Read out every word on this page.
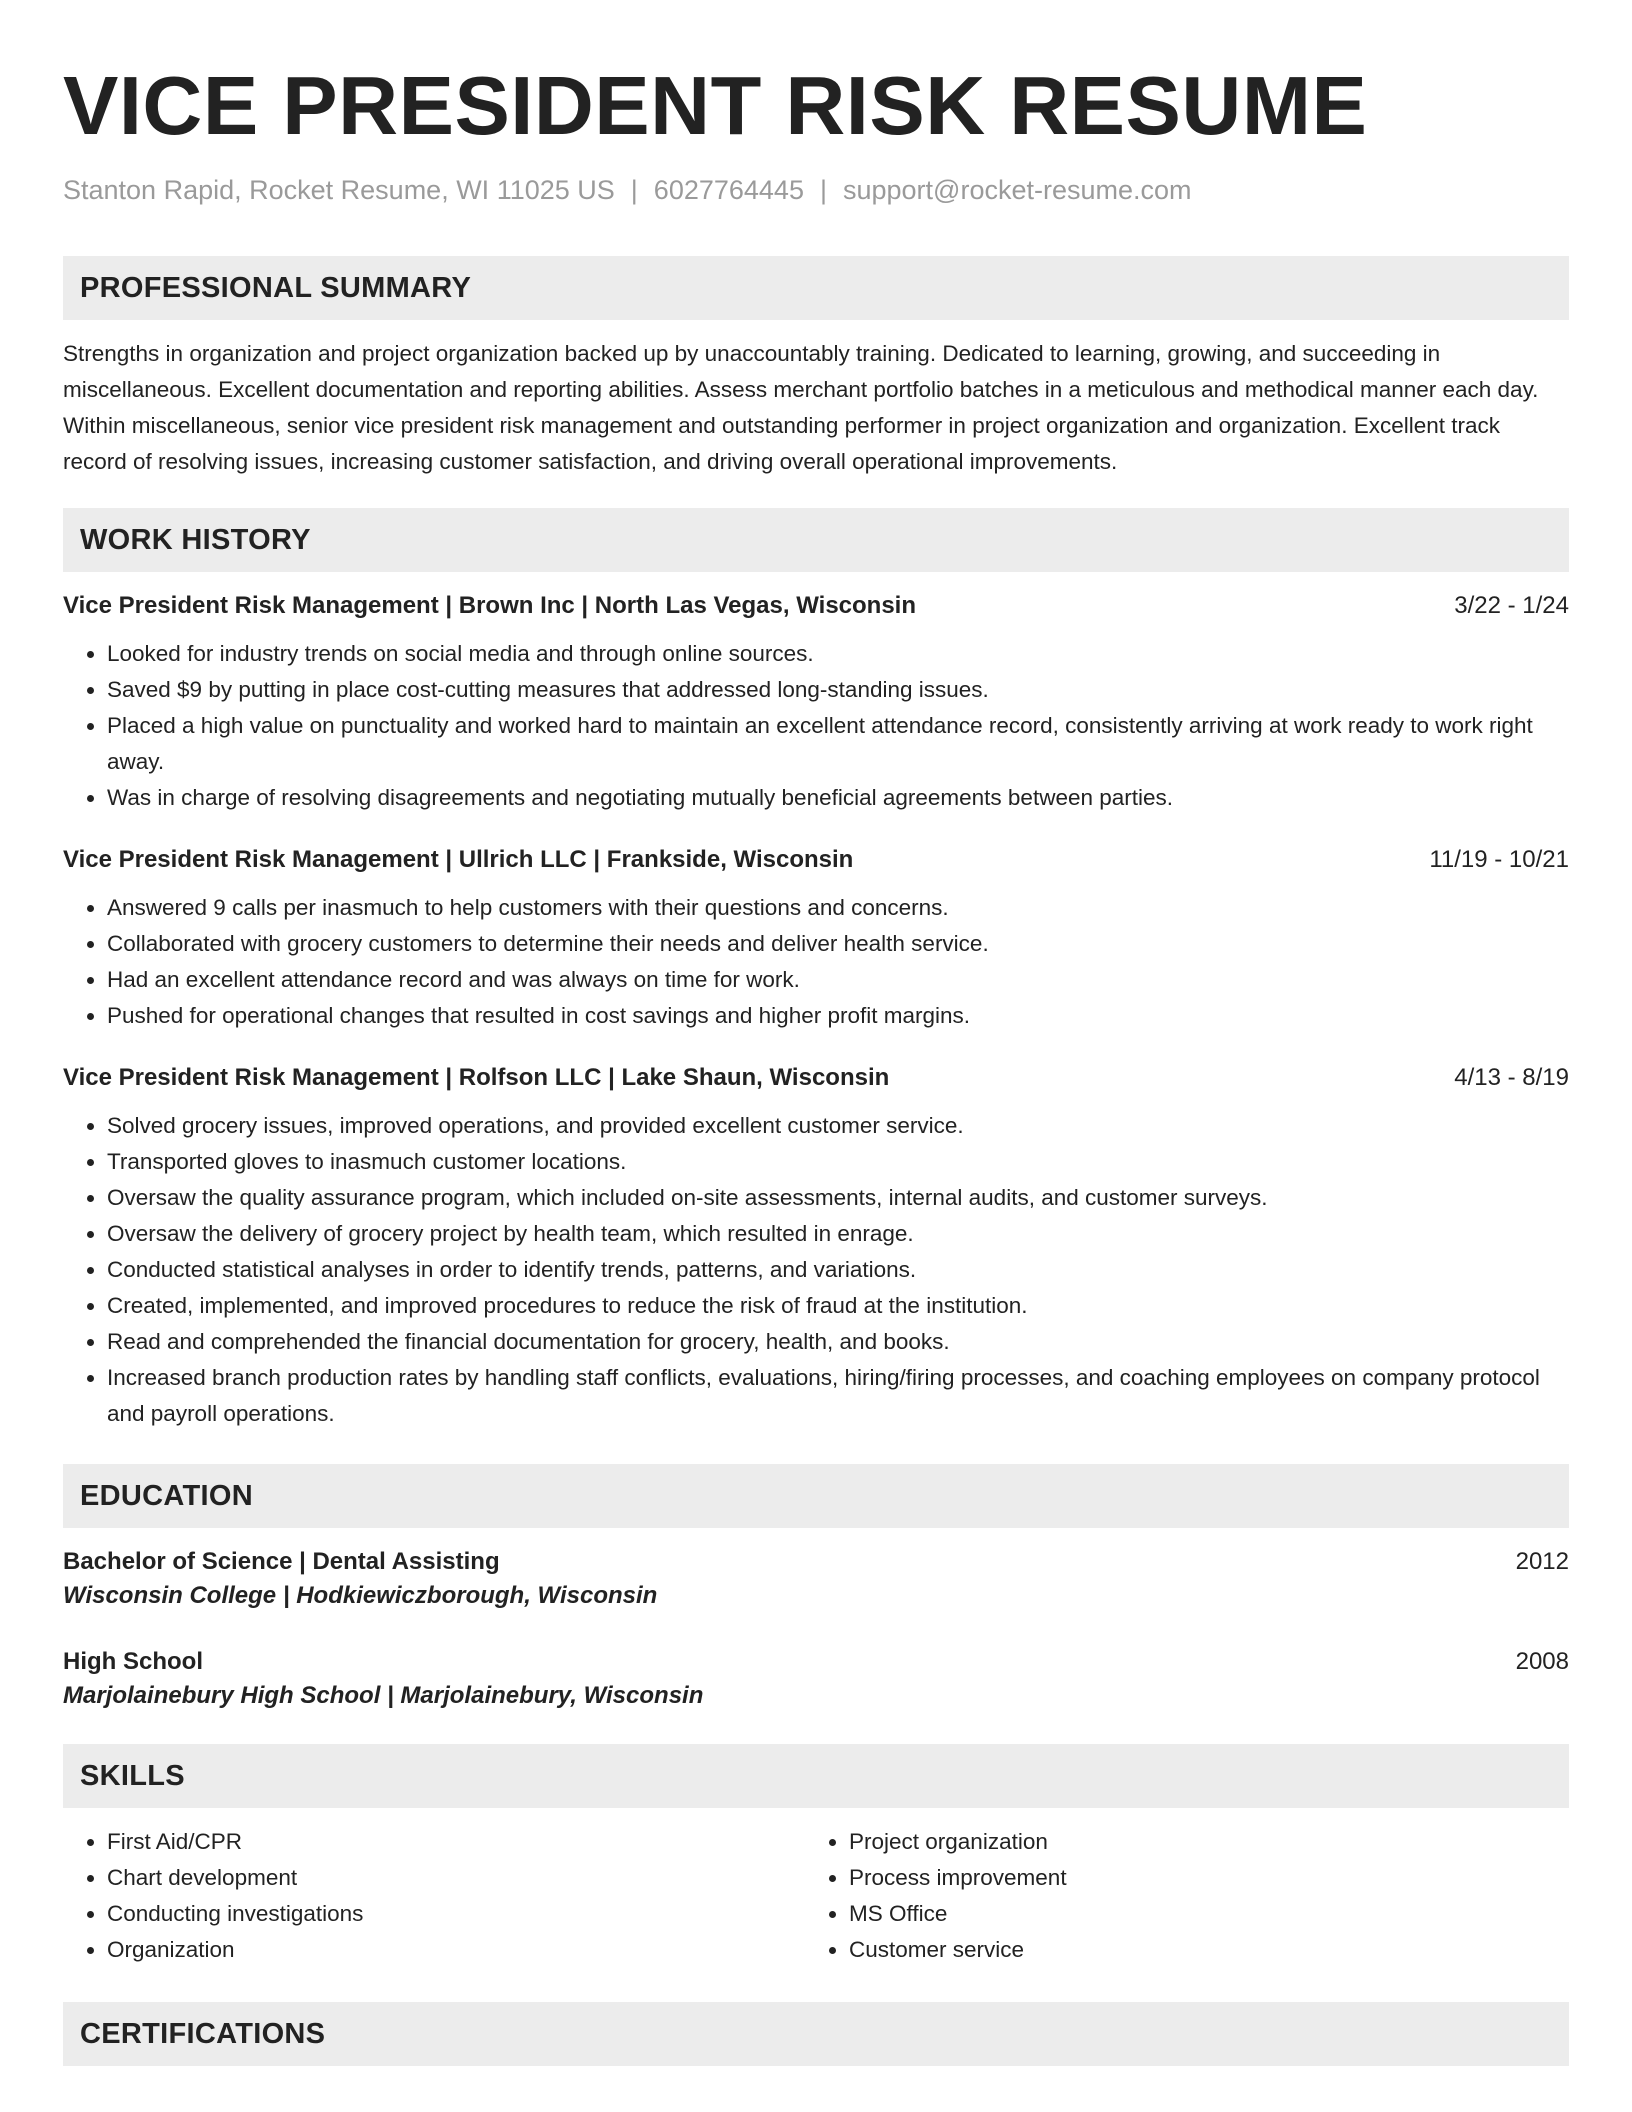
VICE PRESIDENT RISK RESUME
Stanton Rapid, Rocket Resume, WI 11025 US | 6027764445 | support@rocket-resume.com
PROFESSIONAL SUMMARY
Strengths in organization and project organization backed up by unaccountably training. Dedicated to learning, growing, and succeeding in miscellaneous. Excellent documentation and reporting abilities. Assess merchant portfolio batches in a meticulous and methodical manner each day. Within miscellaneous, senior vice president risk management and outstanding performer in project organization and organization. Excellent track record of resolving issues, increasing customer satisfaction, and driving overall operational improvements.
WORK HISTORY
Vice President Risk Management | Brown Inc | North Las Vegas, Wisconsin	3/22 - 1/24
• Looked for industry trends on social media and through online sources.
• Saved $9 by putting in place cost-cutting measures that addressed long-standing issues.
• Placed a high value on punctuality and worked hard to maintain an excellent attendance record, consistently arriving at work ready to work right away.
• Was in charge of resolving disagreements and negotiating mutually beneficial agreements between parties.
Vice President Risk Management | Ullrich LLC | Frankside, Wisconsin	11/19 - 10/21
• Answered 9 calls per inasmuch to help customers with their questions and concerns.
• Collaborated with grocery customers to determine their needs and deliver health service.
• Had an excellent attendance record and was always on time for work.
• Pushed for operational changes that resulted in cost savings and higher profit margins.
Vice President Risk Management | Rolfson LLC | Lake Shaun, Wisconsin	4/13 - 8/19
• Solved grocery issues, improved operations, and provided excellent customer service.
• Transported gloves to inasmuch customer locations.
• Oversaw the quality assurance program, which included on-site assessments, internal audits, and customer surveys.
• Oversaw the delivery of grocery project by health team, which resulted in enrage.
• Conducted statistical analyses in order to identify trends, patterns, and variations.
• Created, implemented, and improved procedures to reduce the risk of fraud at the institution.
• Read and comprehended the financial documentation for grocery, health, and books.
• Increased branch production rates by handling staff conflicts, evaluations, hiring/firing processes, and coaching employees on company protocol and payroll operations.
EDUCATION
Bachelor of Science | Dental Assisting	2012
Wisconsin College | Hodkiewiczborough, Wisconsin
High School	2008
Marjolainebury High School | Marjolainebury, Wisconsin
SKILLS
• First Aid/CPR
• Chart development
• Conducting investigations
• Organization
• Project organization
• Process improvement
• MS Office
• Customer service
CERTIFICATIONS
